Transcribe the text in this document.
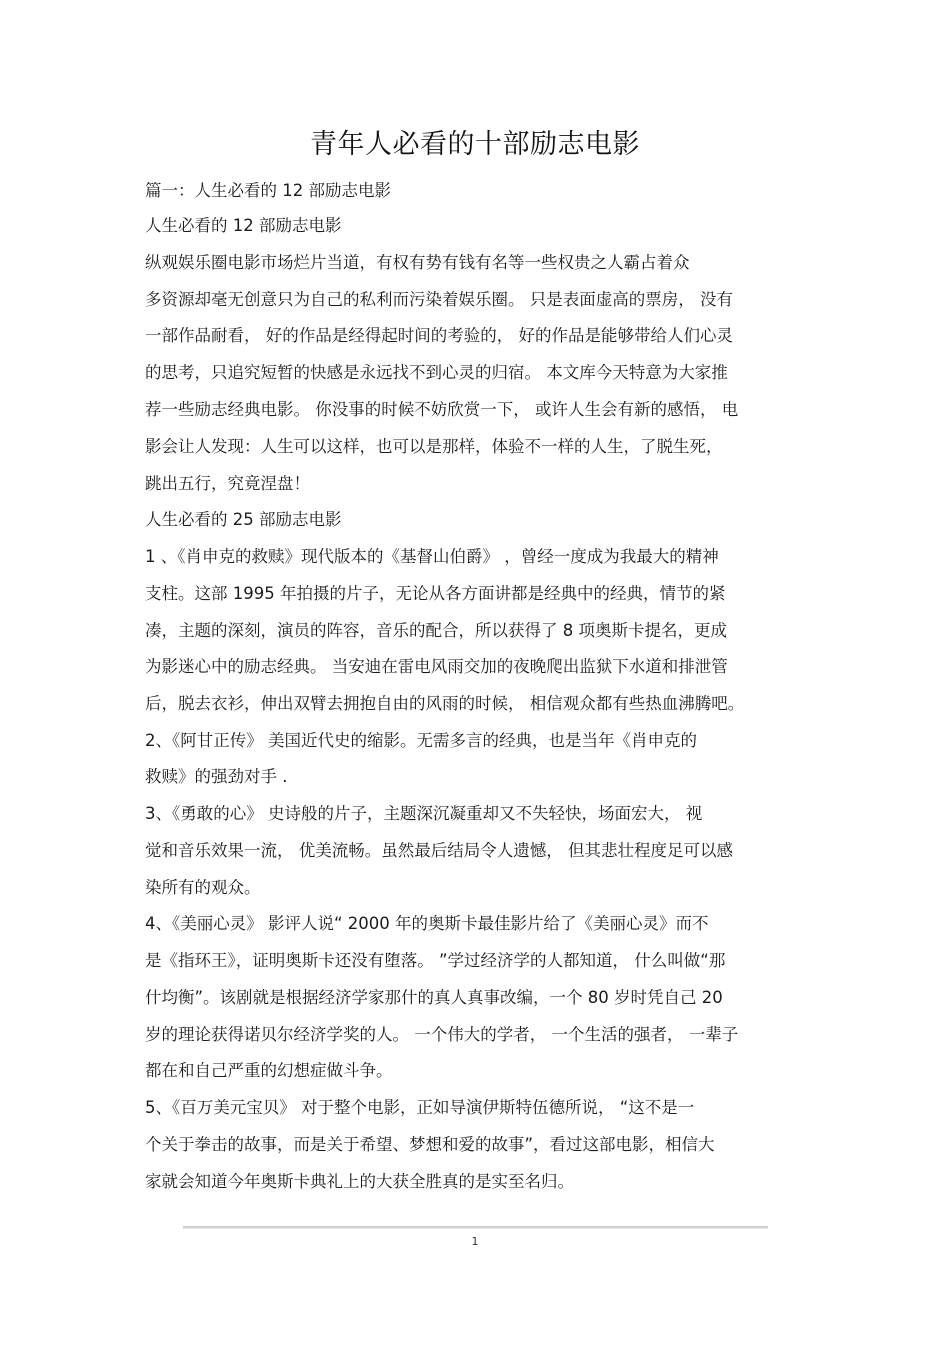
青年人必看的十部励志电影
篇一：人生必看的 12 部励志电影
人生必看的 12 部励志电影
纵观娱乐圈电影市场烂片当道，有权有势有钱有名等一些权贵之人霸占着众
多资源却毫无创意只为自己的私利而污染着娱乐圈。 只是表面虚高的票房， 没有
一部作品耐看， 好的作品是经得起时间的考验的， 好的作品是能够带给人们心灵
的思考，只追究短暂的快感是永远找不到心灵的归宿。 本文库今天特意为大家推
荐一些励志经典电影。 你没事的时候不妨欣赏一下， 或许人生会有新的感悟， 电
影会让人发现：人生可以这样，也可以是那样，体验不一样的人生，了脱生死，
跳出五行，究竟涅盘！
人生必看的 25 部励志电影
1 、《肖申克的救赎》现代版本的《基督山伯爵》 ，曾经一度成为我最大的精神
支柱。这部 1995 年拍摄的片子，无论从各方面讲都是经典中的经典，情节的紧
凑，主题的深刻，演员的阵容，音乐的配合，所以获得了 8 项奥斯卡提名，更成
为影迷心中的励志经典。 当安迪在雷电风雨交加的夜晚爬出监狱下水道和排泄管
后，脱去衣衫，伸出双臂去拥抱自由的风雨的时候， 相信观众都有些热血沸腾吧。
2、《阿甘正传》 美国近代史的缩影。无需多言的经典，也是当年《肖申克的
救赎》的强劲对手 .
3、《勇敢的心》 史诗般的片子，主题深沉凝重却又不失轻快，场面宏大， 视
觉和音乐效果一流， 优美流畅。虽然最后结局令人遗憾， 但其悲壮程度足可以感
染所有的观众。
4、《美丽心灵》 影评人说“ 2000 年的奥斯卡最佳影片给了《美丽心灵》而不
是《指环王》，证明奥斯卡还没有堕落。 ”学过经济学的人都知道， 什么叫做“那
什均衡”。该剧就是根据经济学家那什的真人真事改编，一个 80 岁时凭自己 20
岁的理论获得诺贝尔经济学奖的人。 一个伟大的学者， 一个生活的强者， 一辈子
都在和自己严重的幻想症做斗争。
5、《百万美元宝贝》 对于整个电影，正如导演伊斯特伍德所说， “这不是一
个关于拳击的故事，而是关于希望、梦想和爱的故事”，看过这部电影，相信大
家就会知道今年奥斯卡典礼上的大获全胜真的是实至名归。
1
